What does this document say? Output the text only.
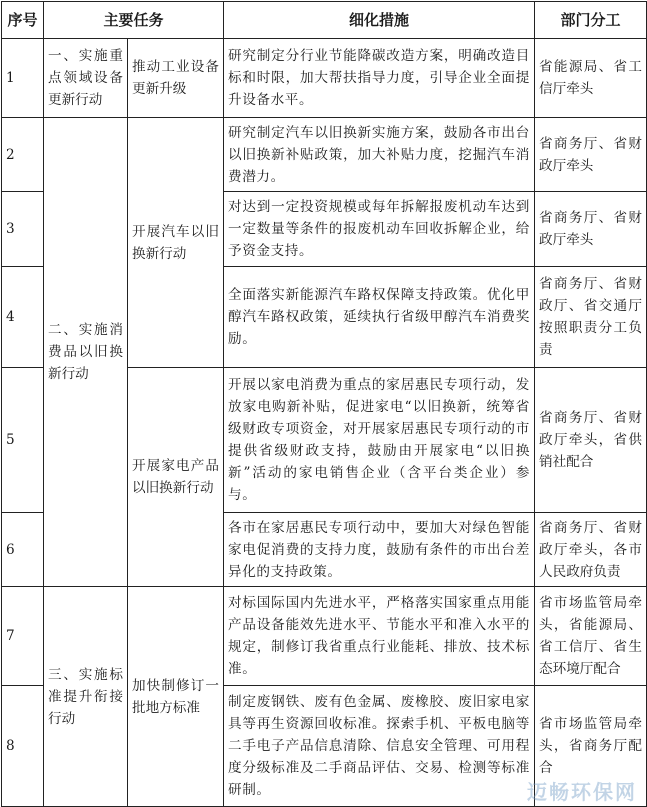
序号	主要任务		细化措施	部门分工
1	一、实施重点领域设备更新行动	推动工业设备更新升级	研究制定分行业节能降碳改造方案，明确改造目标和时限，加大帮扶指导力度，引导企业全面提升设备水平。	省能源局、省工信厅牵头
2	二、实施消费品以旧换新行动	开展汽车以旧换新行动	研究制定汽车以旧换新实施方案，鼓励各市出台以旧换新补贴政策，加大补贴力度，挖掘汽车消费潜力。	省商务厅、省财政厅牵头
3			对达到一定投资规模或每年拆解报废机动车达到一定数量等条件的报废机动车回收拆解企业，给予资金支持。	省商务厅、省财政厅牵头
4			全面落实新能源汽车路权保障支持政策。优化甲醇汽车路权政策，延续执行省级甲醇汽车消费奖励。	省商务厅、省财政厅、省交通厅按照职责分工负责
5		开展家电产品以旧换新行动	开展以家电消费为重点的家居惠民专项行动，发放家电购新补贴，促进家电“以旧换新，统筹省级财政专项资金，对开展家居惠民专项行动的市提供省级财政支持，鼓励由开展家电“以旧换新”活动的家电销售企业（含平台类企业）参与。	省商务厅、省财政厅牵头，省供销社配合
6			各市在家居惠民专项行动中，要加大对绿色智能家电促消费的支持力度，鼓励有条件的市出台差异化的支持政策。	省商务厅、省财政厅牵头，各市人民政府负责
7	三、实施标准提升衔接行动	加快制修订一批地方标准	对标国际国内先进水平，严格落实国家重点用能产品设备能效先进水平、节能水平和准入水平的规定，制修订我省重点行业能耗、排放、技术标准。	省市场监管局牵头，省能源局、省工信厅、省生态环境厅配合
8			制定废钢铁、废有色金属、废橡胶、废旧家电家具等再生资源回收标准。探索手机、平板电脑等二手电子产品信息清除、信息安全管理、可用程度分级标准及二手商品评估、交易、检测等标准研制。	省市场监管局牵头，省商务厅配合
迈畅环保网
